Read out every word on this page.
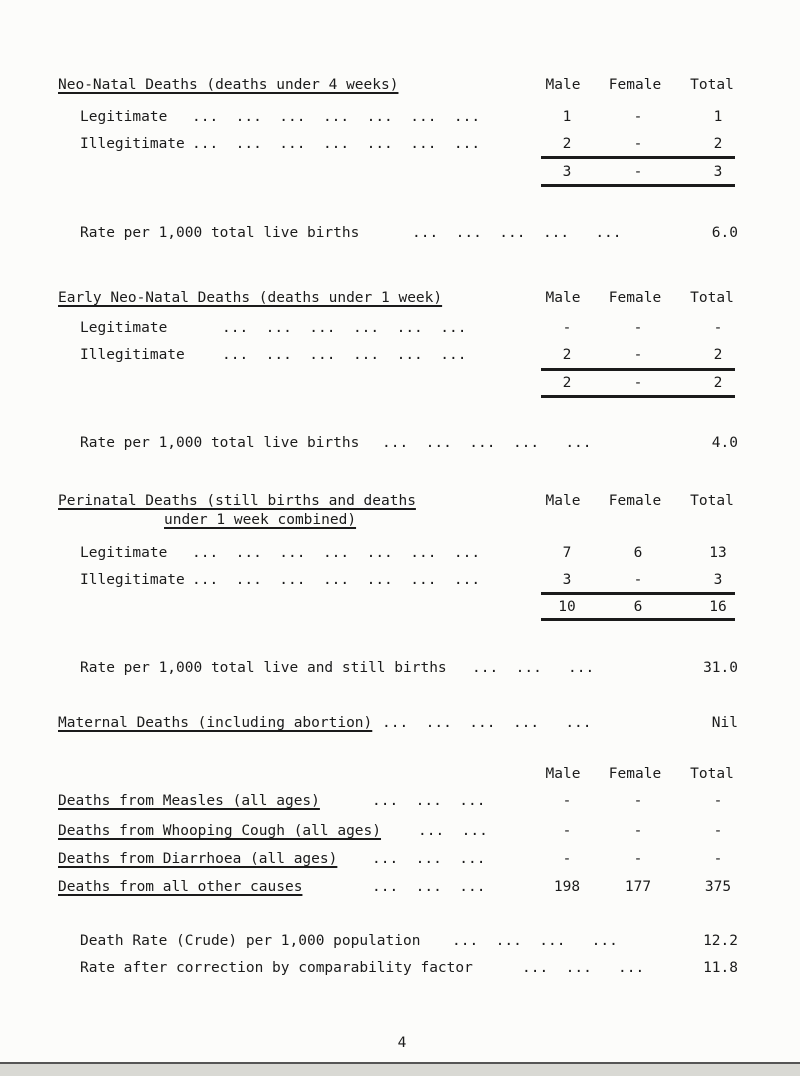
Neo-Natal Deaths (deaths under 4 weeks)	Male Female Total
Legitimate ...  ...  ...  ...  ...  ...  ...	1	-	1
Illegitimate ...  ...  ...  ...  ...  ...  ...	2	-	2
3	-	3
Rate per 1,000 total live births	...  ...  ...  ...   ...	6.0
Early Neo-Natal Deaths (deaths under 1 week)	Male Female Total
Legitimate	...  ...  ...  ...  ...  ...	-	-	-
Illegitimate	...  ...  ...  ...  ...  ...	2	-	2
2	-	2
Rate per 1,000 total live births ...  ...  ...  ...   ...	4.0
Perinatal Deaths (still births and deaths
under 1 week combined)
Male Female Total
Legitimate ...  ...  ...  ...  ...  ...  ...	7	6	13
Illegitimate ...  ...  ...  ...  ...  ...  ...	3	-	3
10	6	16
Rate per 1,000 total live and still births ...  ...   ...	31.0
Maternal Deaths (including abortion) ...  ...  ...  ...   ...	Nil
Male Female Total
Deaths from Measles (all ages)	...  ...  ...	-	-	-
Deaths from Whooping Cough (all ages)	...  ...	-	-	-
Deaths from Diarrhoea (all ages) ...  ...  ...	-	-	-
Deaths from all other causes	...  ...  ...	198	177	375
Death Rate (Crude) per 1,000 population ...  ...  ...   ...	12.2
Rate after correction by comparability factor	...  ...   ...	11.8
4
